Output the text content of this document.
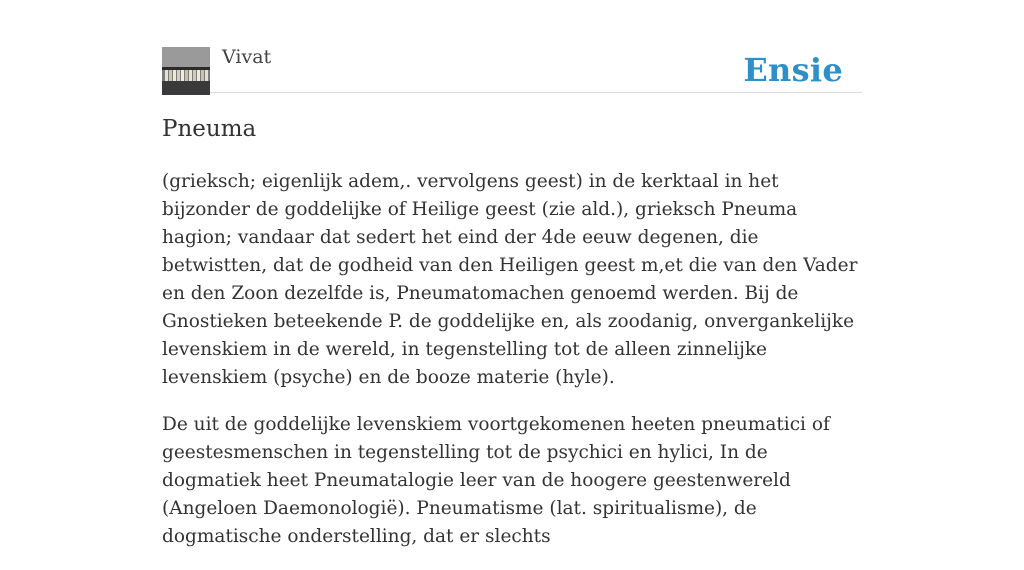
Vivat	Ensie
Pneuma

(grieksch; eigenlijk adem,. vervolgens geest) in de kerktaal in het bijzonder de goddelijke of Heilige geest (zie ald.), grieksch Pneuma hagion; vandaar dat sedert het eind der 4de eeuw degenen, die betwistten, dat de godheid van den Heiligen geest m,et die van den Vader en den Zoon dezelfde is, Pneumatomachen genoemd werden. Bij de Gnostieken beteekende P. de goddelijke en, als zoodanig, onvergankelijke levenskiem in de wereld, in tegenstelling tot de alleen zinnelijke levenskiem (psyche) en de booze materie (hyle).

De uit de goddelijke levenskiem voortgekomenen heeten pneumatici of geestesmenschen in tegenstelling tot de psychici en hylici, In de dogmatiek heet Pneumatalogie leer van de hoogere geestenwereld (Angeloen Daemonologië). Pneumatisme (lat. spiritualisme), de dogmatische onderstelling, dat er slechts
